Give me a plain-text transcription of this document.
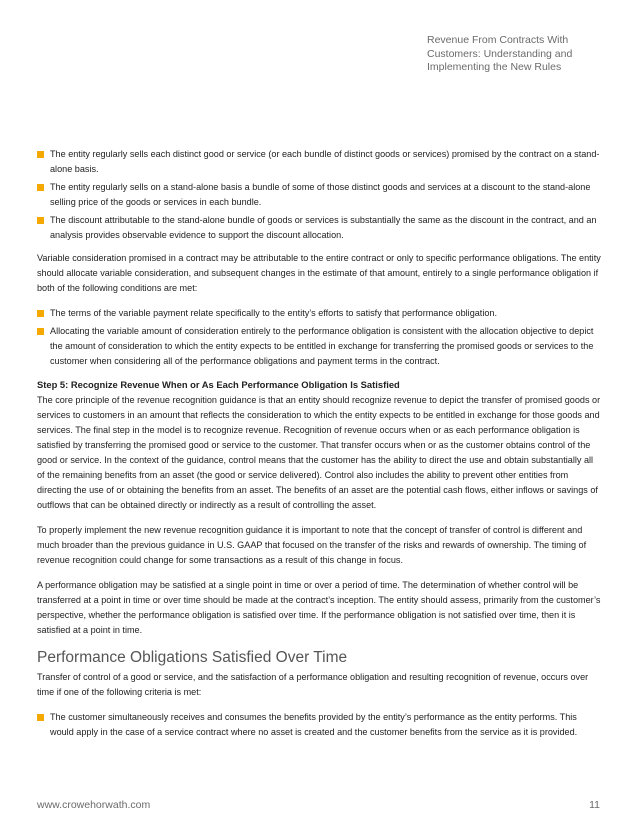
Revenue From Contracts With
Customers: Understanding and
Implementing the New Rules
The entity regularly sells each distinct good or service (or each bundle of distinct goods or services) promised by the contract on a stand-alone basis.
The entity regularly sells on a stand-alone basis a bundle of some of those distinct goods and services at a discount to the stand-alone selling price of the goods or services in each bundle.
The discount attributable to the stand-alone bundle of goods or services is substantially the same as the discount in the contract, and an analysis provides observable evidence to support the discount allocation.

Variable consideration promised in a contract may be attributable to the entire contract or only to specific performance obligations. The entity should allocate variable consideration, and subsequent changes in the estimate of that amount, entirely to a single performance obligation if both of the following conditions are met:

The terms of the variable payment relate specifically to the entity’s efforts to satisfy that performance obligation.
Allocating the variable amount of consideration entirely to the performance obligation is consistent with the allocation objective to depict the amount of consideration to which the entity expects to be entitled in exchange for transferring the promised goods or services to the customer when considering all of the performance obligations and payment terms in the contract.
Step 5: Recognize Revenue When or As Each Performance Obligation Is Satisfied

The core principle of the revenue recognition guidance is that an entity should recognize revenue to depict the transfer of promised goods or services to customers in an amount that reflects the consideration to which the entity expects to be entitled in exchange for those goods and services. The final step in the model is to recognize revenue. Recognition of revenue occurs when or as each performance obligation is satisfied by transferring the promised good or service to the customer. That transfer occurs when or as the customer obtains control of the good or service. In the context of the guidance, control means that the customer has the ability to direct the use and obtain substantially all of the remaining benefits from an asset (the good or service delivered). Control also includes the ability to prevent other entities from directing the use of or obtaining the benefits from an asset. The benefits of an asset are the potential cash flows, either inflows or savings of outflows that can be obtained directly or indirectly as a result of controlling the asset.

To properly implement the new revenue recognition guidance it is important to note that the concept of transfer of control is different and much broader than the previous guidance in U.S. GAAP that focused on the transfer of the risks and rewards of ownership. The timing of revenue recognition could change for some transactions as a result of this change in focus.

A performance obligation may be satisfied at a single point in time or over a period of time. The determination of whether control will be transferred at a point in time or over time should be made at the contract’s inception. The entity should assess, primarily from the customer’s perspective, whether the performance obligation is satisfied over time. If the performance obligation is not satisfied over time, then it is satisfied at a point in time.

Performance Obligations Satisfied Over Time

Transfer of control of a good or service, and the satisfaction of a performance obligation and resulting recognition of revenue, occurs over time if one of the following criteria is met:

The customer simultaneously receives and consumes the benefits provided by the entity’s performance as the entity performs. This would apply in the case of a service contract where no asset is created and the customer benefits from the service as it is provided.
www.crowehorwath.com	11
